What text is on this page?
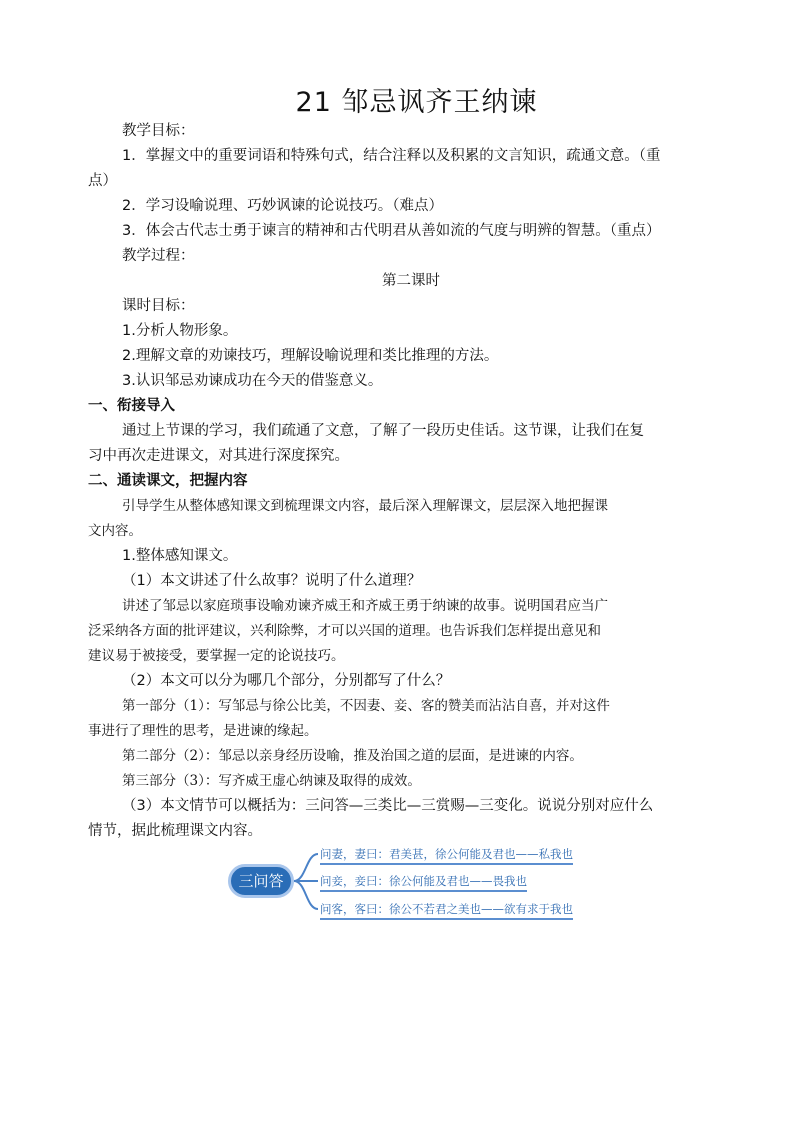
21 邹忌讽齐王纳谏
教学目标：
1．掌握文中的重要词语和特殊句式，结合注释以及积累的文言知识，疏通文意。（重
点）
2．学习设喻说理、巧妙讽谏的论说技巧。（难点）
3．体会古代志士勇于谏言的精神和古代明君从善如流的气度与明辨的智慧。（重点）
教学过程：
第二课时
课时目标：
1.分析人物形象。
2.理解文章的劝谏技巧，理解设喻说理和类比推理的方法。
3.认识邹忌劝谏成功在今天的借鉴意义。
一、衔接导入
通过上节课的学习，我们疏通了文意，了解了一段历史佳话。这节课，让我们在复
习中再次走进课文，对其进行深度探究。
二、通读课文，把握内容
引导学生从整体感知课文到梳理课文内容，最后深入理解课文，层层深入地把握课
文内容。
1.整体感知课文。
（1）本文讲述了什么故事？说明了什么道理？
讲述了邹忌以家庭琐事设喻劝谏齐威王和齐威王勇于纳谏的故事。说明国君应当广
泛采纳各方面的批评建议，兴利除弊，才可以兴国的道理。也告诉我们怎样提出意见和
建议易于被接受，要掌握一定的论说技巧。
（2）本文可以分为哪几个部分，分别都写了什么？
第一部分（1）：写邹忌与徐公比美，不因妻、妾、客的赞美而沾沾自喜，并对这件
事进行了理性的思考，是进谏的缘起。
第二部分（2）：邹忌以亲身经历设喻，推及治国之道的层面，是进谏的内容。
第三部分（3）：写齐威王虚心纳谏及取得的成效。
（3）本文情节可以概括为：三问答—三类比—三赏赐—三变化。说说分别对应什么
情节，据此梳理课文内容。
三问答
问妻，妻曰：君美甚，徐公何能及君也——私我也
问妾，妾曰：徐公何能及君也——畏我也
问客，客曰：徐公不若君之美也——欲有求于我也
